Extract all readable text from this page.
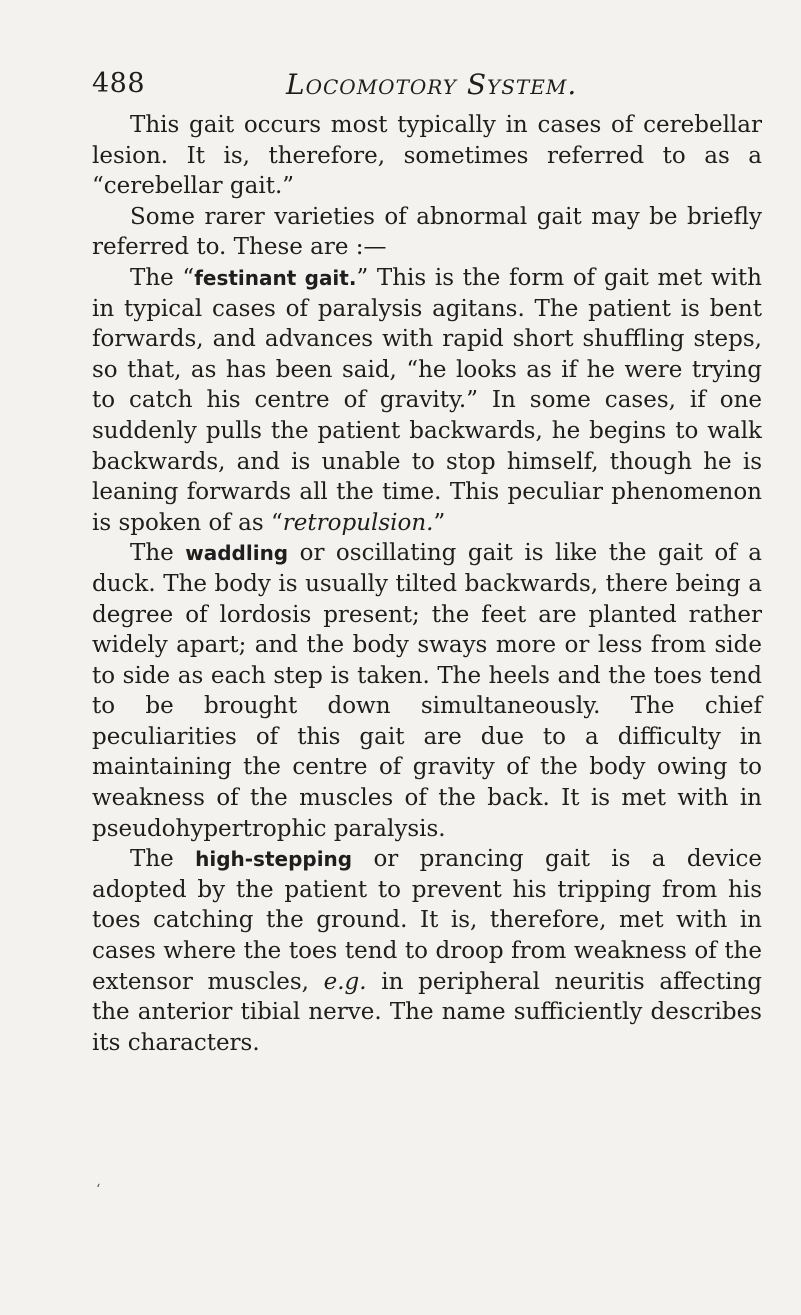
488	Locomotory System.

This gait occurs most typically in cases of cerebellar lesion. It is, therefore, sometimes referred to as a “cerebellar gait.”

Some rarer varieties of abnormal gait may be briefly referred to. These are :—

The “festinant gait.” This is the form of gait met with in typical cases of paralysis agitans. The patient is bent forwards, and advances with rapid short shuffling steps, so that, as has been said, “he looks as if he were trying to catch his centre of gravity.” In some cases, if one suddenly pulls the patient backwards, he begins to walk backwards, and is unable to stop himself, though he is leaning forwards all the time. This peculiar phenomenon is spoken of as “retropulsion.”

The waddling or oscillating gait is like the gait of a duck. The body is usually tilted backwards, there being a degree of lordosis present; the feet are planted rather widely apart; and the body sways more or less from side to side as each step is taken. The heels and the toes tend to be brought down simultaneously. The chief peculiarities of this gait are due to a difficulty in maintaining the centre of gravity of the body owing to weakness of the muscles of the back. It is met with in pseudohypertrophic paralysis.

The high-stepping or prancing gait is a device adopted by the patient to prevent his tripping from his toes catching the ground. It is, therefore, met with in cases where the toes tend to droop from weakness of the extensor muscles, e.g. in peripheral neuritis affecting the anterior tibial nerve. The name sufficiently describes its characters.

‘
